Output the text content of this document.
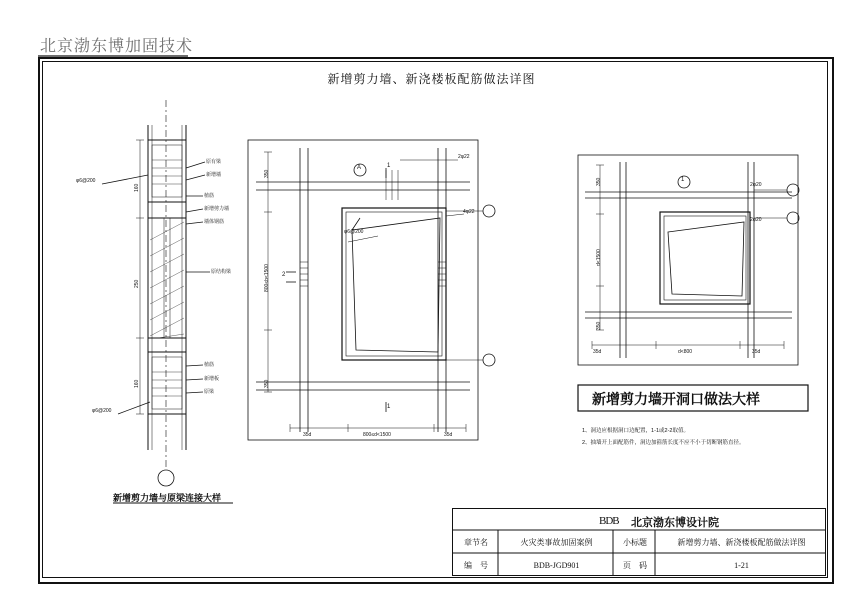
北京渤东博加固技术
新增剪力墙、新浇楼板配筋做法详图
φ6@200
原有梁
新增墙
植筋
新增剪力墙
墙体钢筋
原结构梁
植筋
新增板
原梁
φ6@200
160
250
160
新增剪力墙与原梁连接大样
2φ22
φ6@200
4φ22
350
800≤b<1500
350
35d	800≤d<1500	35d
A	1
2
1
2φ20
2φ20
350
d<1500
350
35d	d<800	35d
1
新增剪力墙开洞口做法大样
1、洞边应根据洞口边配置，1-1或2-2取值。
2、抽墙开上面配筋件，洞边加箍筋长度不应不小于切断钢筋直径。
BDB 北京渤东博设计院
章节名	火灾类事故加固案例	小标题	新增剪力墙、新浇楼板配筋做法详图
编　号	BDB-JGD901	页　码	1-21
